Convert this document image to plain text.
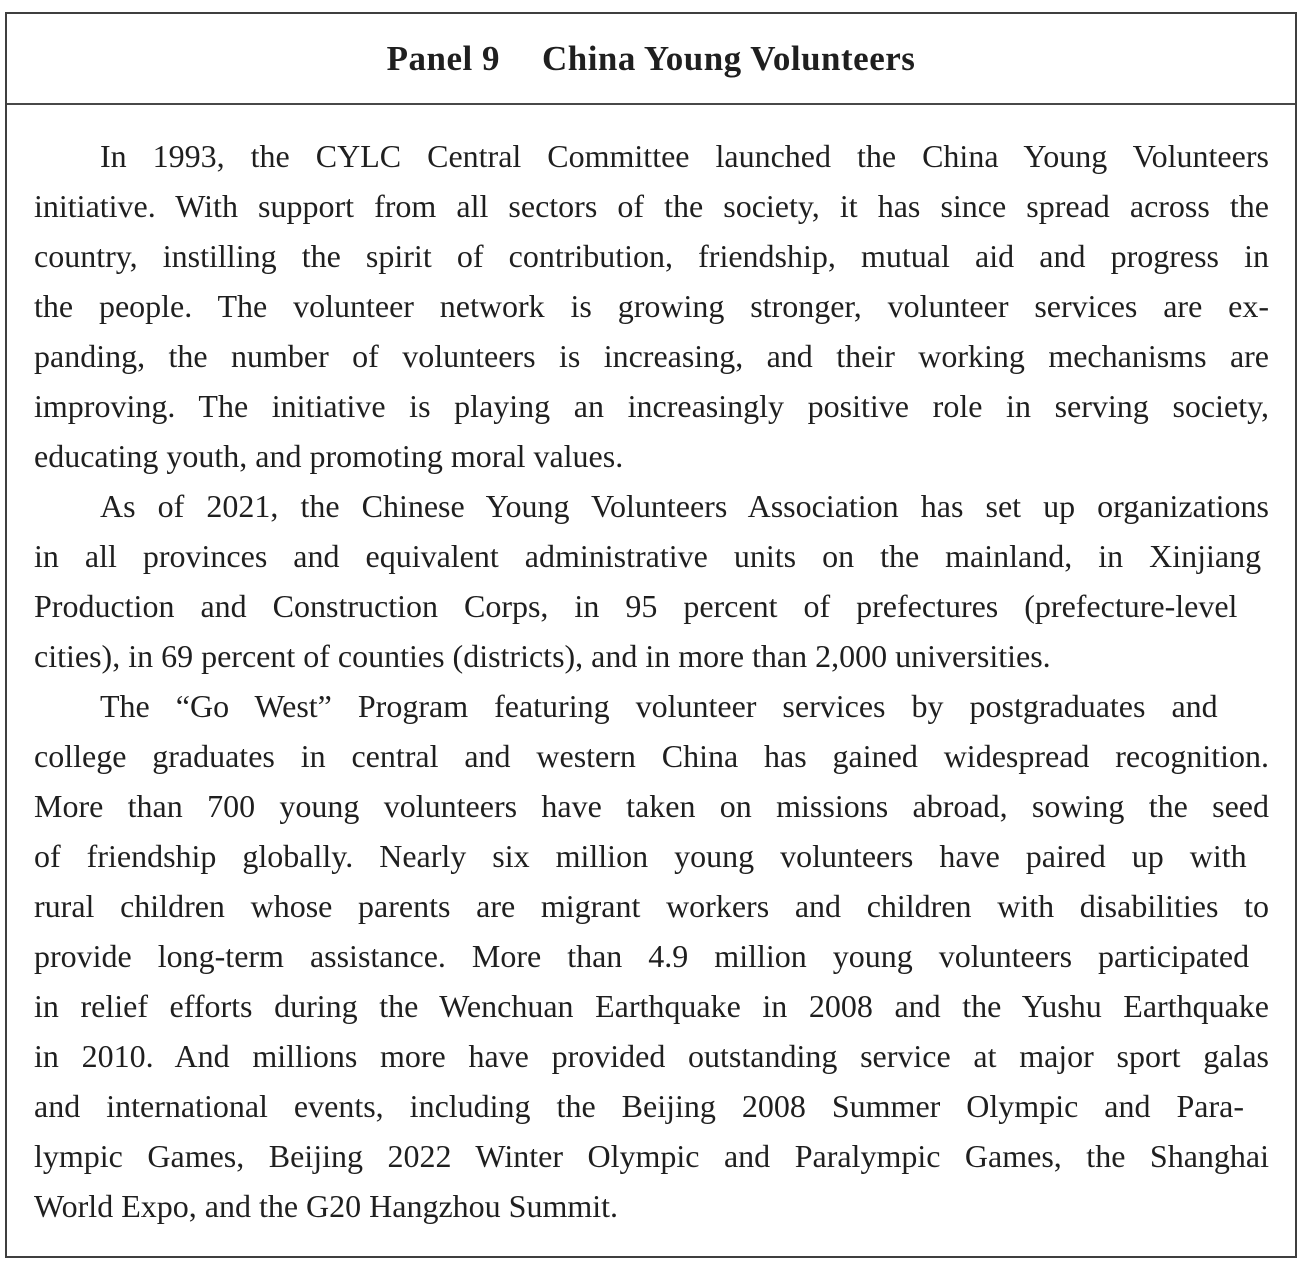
Panel 9 China Young Volunteers
In 1993, the CYLC Central Committee launched the China Young Volunteers
initiative. With support from all sectors of the society, it has since spread across the
country, instilling the spirit of contribution, friendship, mutual aid and progress in
the people. The volunteer network is growing stronger, volunteer services are ex-
panding, the number of volunteers is increasing, and their working mechanisms are
improving. The initiative is playing an increasingly positive role in serving society,
educating youth, and promoting moral values.
As of 2021, the Chinese Young Volunteers Association has set up organizations
in all provinces and equivalent administrative units on the mainland, in Xinjiang
Production and Construction Corps, in 95 percent of prefectures (prefecture-level
cities), in 69 percent of counties (districts), and in more than 2,000 universities.
The “Go West” Program featuring volunteer services by postgraduates and
college graduates in central and western China has gained widespread recognition.
More than 700 young volunteers have taken on missions abroad, sowing the seed
of friendship globally. Nearly six million young volunteers have paired up with
rural children whose parents are migrant workers and children with disabilities to
provide long-term assistance. More than 4.9 million young volunteers participated
in relief efforts during the Wenchuan Earthquake in 2008 and the Yushu Earthquake
in 2010. And millions more have provided outstanding service at major sport galas
and international events, including the Beijing 2008 Summer Olympic and Para-
lympic Games, Beijing 2022 Winter Olympic and Paralympic Games, the Shanghai
World Expo, and the G20 Hangzhou Summit.
